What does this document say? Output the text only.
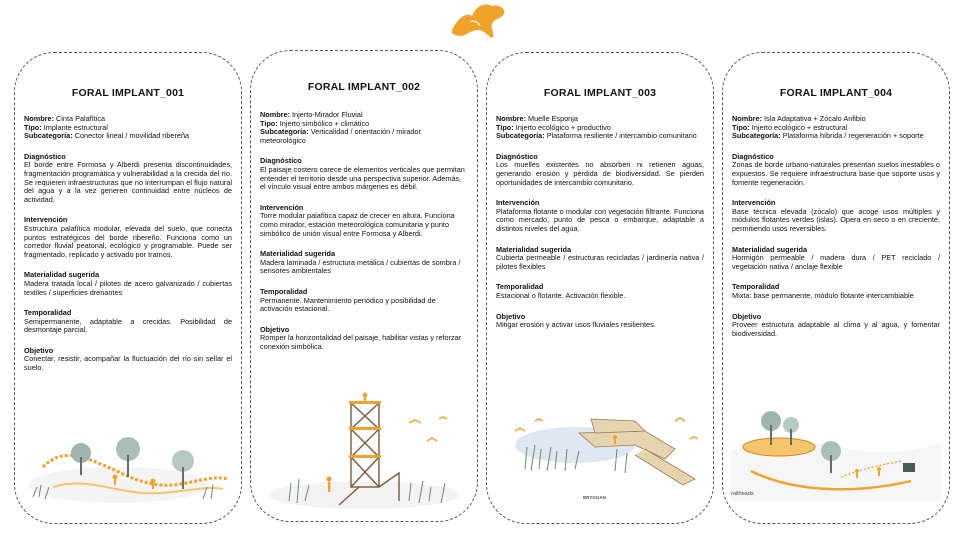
FORAL IMPLANT_001

Nombre: Cinta Palafítica

Tipo: Implante estructural

Subcategoría: Conector lineal / movilidad ribereña

Diagnóstico
El borde entre Formosa y Alberdi presenta discontinuidades, fragmentación programática y vulnerabilidad a la crecida del río. Se requieren infraestructuras que no interrumpan el flujo natural del agua y a la vez generen continuidad entre núcleos de actividad.
Intervención
Estructura palafítica modular, elevada del suelo, que conecta puntos estratégicos del borde ribereño. Funciona como un corredor fluvial peatonal, ecológico y programable. Puede ser fragmentado, replicado y activado por tramos.
Materialidad sugerida
Madera tratada local / pilotes de acero galvanizado / cubiertas textiles / superficies drenantes
Temporalidad
Semipermanente, adaptable a crecidas. Posibilidad de desmontaje parcial.
Objetivo
Conectar, resistir, acompañar la fluctuación del río sin sellar el suelo.
FORAL IMPLANT_002

Nombre: Injerto-Mirador Fluvial

Tipo: Injerto simbólico + climático

Subcategoría: Verticalidad / orientación / mirador meteorológico

Diagnóstico
El paisaje costero carece de elementos verticales que permitan entender el territorio desde una perspectiva superior. Además, el vínculo visual entre ambos márgenes es débil.
Intervención
Torre modular palafítica capaz de crecer en altura. Funciona como mirador, estación meteorológica comunitaria y punto simbólico de unión visual entre Formosa y Alberdi.
Materialidad sugerida
Madera laminada / estructura metálica / cubiertas de sombra / sensores ambientales
Temporalidad
Permanente. Mantenimiento periódico y posibilidad de activación estacional.
Objetivo
Romper la horizontalidad del paisaje, habilitar vistas y reforzar conexión simbólica.
FORAL IMPLANT_003

Nombre: Muelle Esponja

Tipo: Injerto ecológico + productivo

Subcategoría: Plataforma resiliente / intercambio comunitario

Diagnóstico
Los muelles existentes no absorben ni retienen aguas, generando erosión y pérdida de biodiversidad. Se pierden oportunidades de intercambio comunitario.
Intervención
Plataforma flotante o modular con vegetación filtrante. Funciona como mercado, punto de pesca o embarque, adaptable a distintos niveles del agua.
Materialidad sugerida
Cubierta permeable / estructuras recicladas / jardinería nativa / pilotes flexibles
Temporalidad
Estacional o flotante. Activación flexible.
Objetivo
Mitigar erosión y activar usos fluviales resilientes.
BRYGGAN
FORAL IMPLANT_004

Nombre: Isla Adaptativa + Zócalo Anfibio

Tipo: Injerto ecológico + estructural

Subcategoría: Plataforma híbrida / regeneración + soporte

Diagnóstico
Zonas de borde urbano-naturales presentan suelos inestables o expuestos. Se requiere infraestructura base que soporte usos y fomente regeneración.
Intervención
Base técnica elevada (zócalo) que acoge usos múltiples y módulos flotantes verdes (islas). Opera en seco o en creciente, permitiendo usos reversibles.
Materialidad sugerida
Hormigón permeable / madera dura / PET reciclado / vegetación nativa / anclaje flexible
Temporalidad
Mixta: base permanente, módulo flotante intercambiable
Objetivo
Proveer estructura adaptable al clima y al agua, y fomentar biodiversidad.
railheads
